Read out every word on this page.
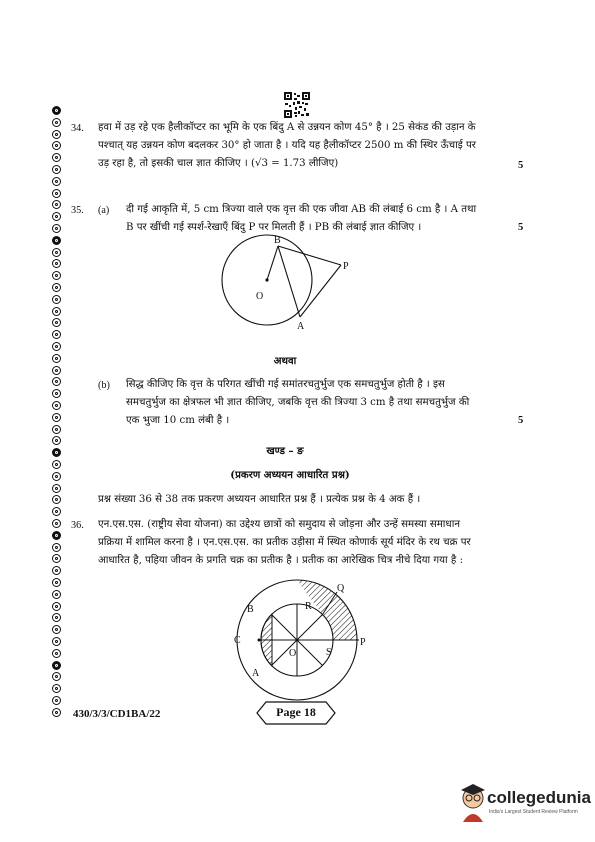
34. हवा में उड़ रहे एक हैलीकॉप्टर का भूमि के एक बिंदु A से उन्नयन कोण 45° है । 25 सेकंड की उड़ान के
पश्चात् यह उन्नयन कोण बदलकर 30° हो जाता है । यदि यह हैलीकॉप्टर 2500 m की स्थिर ऊँचाई पर
उड़ रहा है, तो इसकी चाल ज्ञात कीजिए । (√3 = 1.73 लीजिए)	5
35. (a) दी गई आकृति में, 5 cm त्रिज्या वाले एक वृत्त की एक जीवा AB की लंबाई 6 cm है । A तथा
B पर खींची गई स्पर्श-रेखाएँ बिंदु P पर मिलती हैं । PB की लंबाई ज्ञात कीजिए ।	5
B
O
P
A
अथवा
(b) सिद्ध कीजिए कि वृत्त के परिगत खींची गई समांतरचतुर्भुज एक समचतुर्भुज होती है । इस
समचतुर्भुज का क्षेत्रफल भी ज्ञात कीजिए, जबकि वृत्त की त्रिज्या 3 cm है तथा समचतुर्भुज की
एक भुजा 10 cm लंबी है ।	5
खण्ड – ङ
(प्रकरण अध्ययन आधारित प्रश्न)
प्रश्न संख्या 36 से 38 तक प्रकरण अध्ययन आधारित प्रश्न हैं । प्रत्येक प्रश्न के 4 अक हैं ।
36. एन.एस.एस. (राष्ट्रीय सेवा योजना) का उद्देश्य छात्रों को समुदाय से जोड़ना और उन्हें समस्या समाधान
प्रक्रिया में शामिल करना है । एन.एस.एस. का प्रतीक उड़ीसा में स्थित कोणार्क सूर्य मंदिर के रथ चक्र पर
आधारित है, पहिया जीवन के प्रगति चक्र का प्रतीक है । प्रतीक का आरेखिक चित्र नीचे दिया गया है :
B
C
O
A
R
Q
P
S
430/3/3/CD1BA/22	Page 18
collegedunia
India's Largest Student Review Platform
